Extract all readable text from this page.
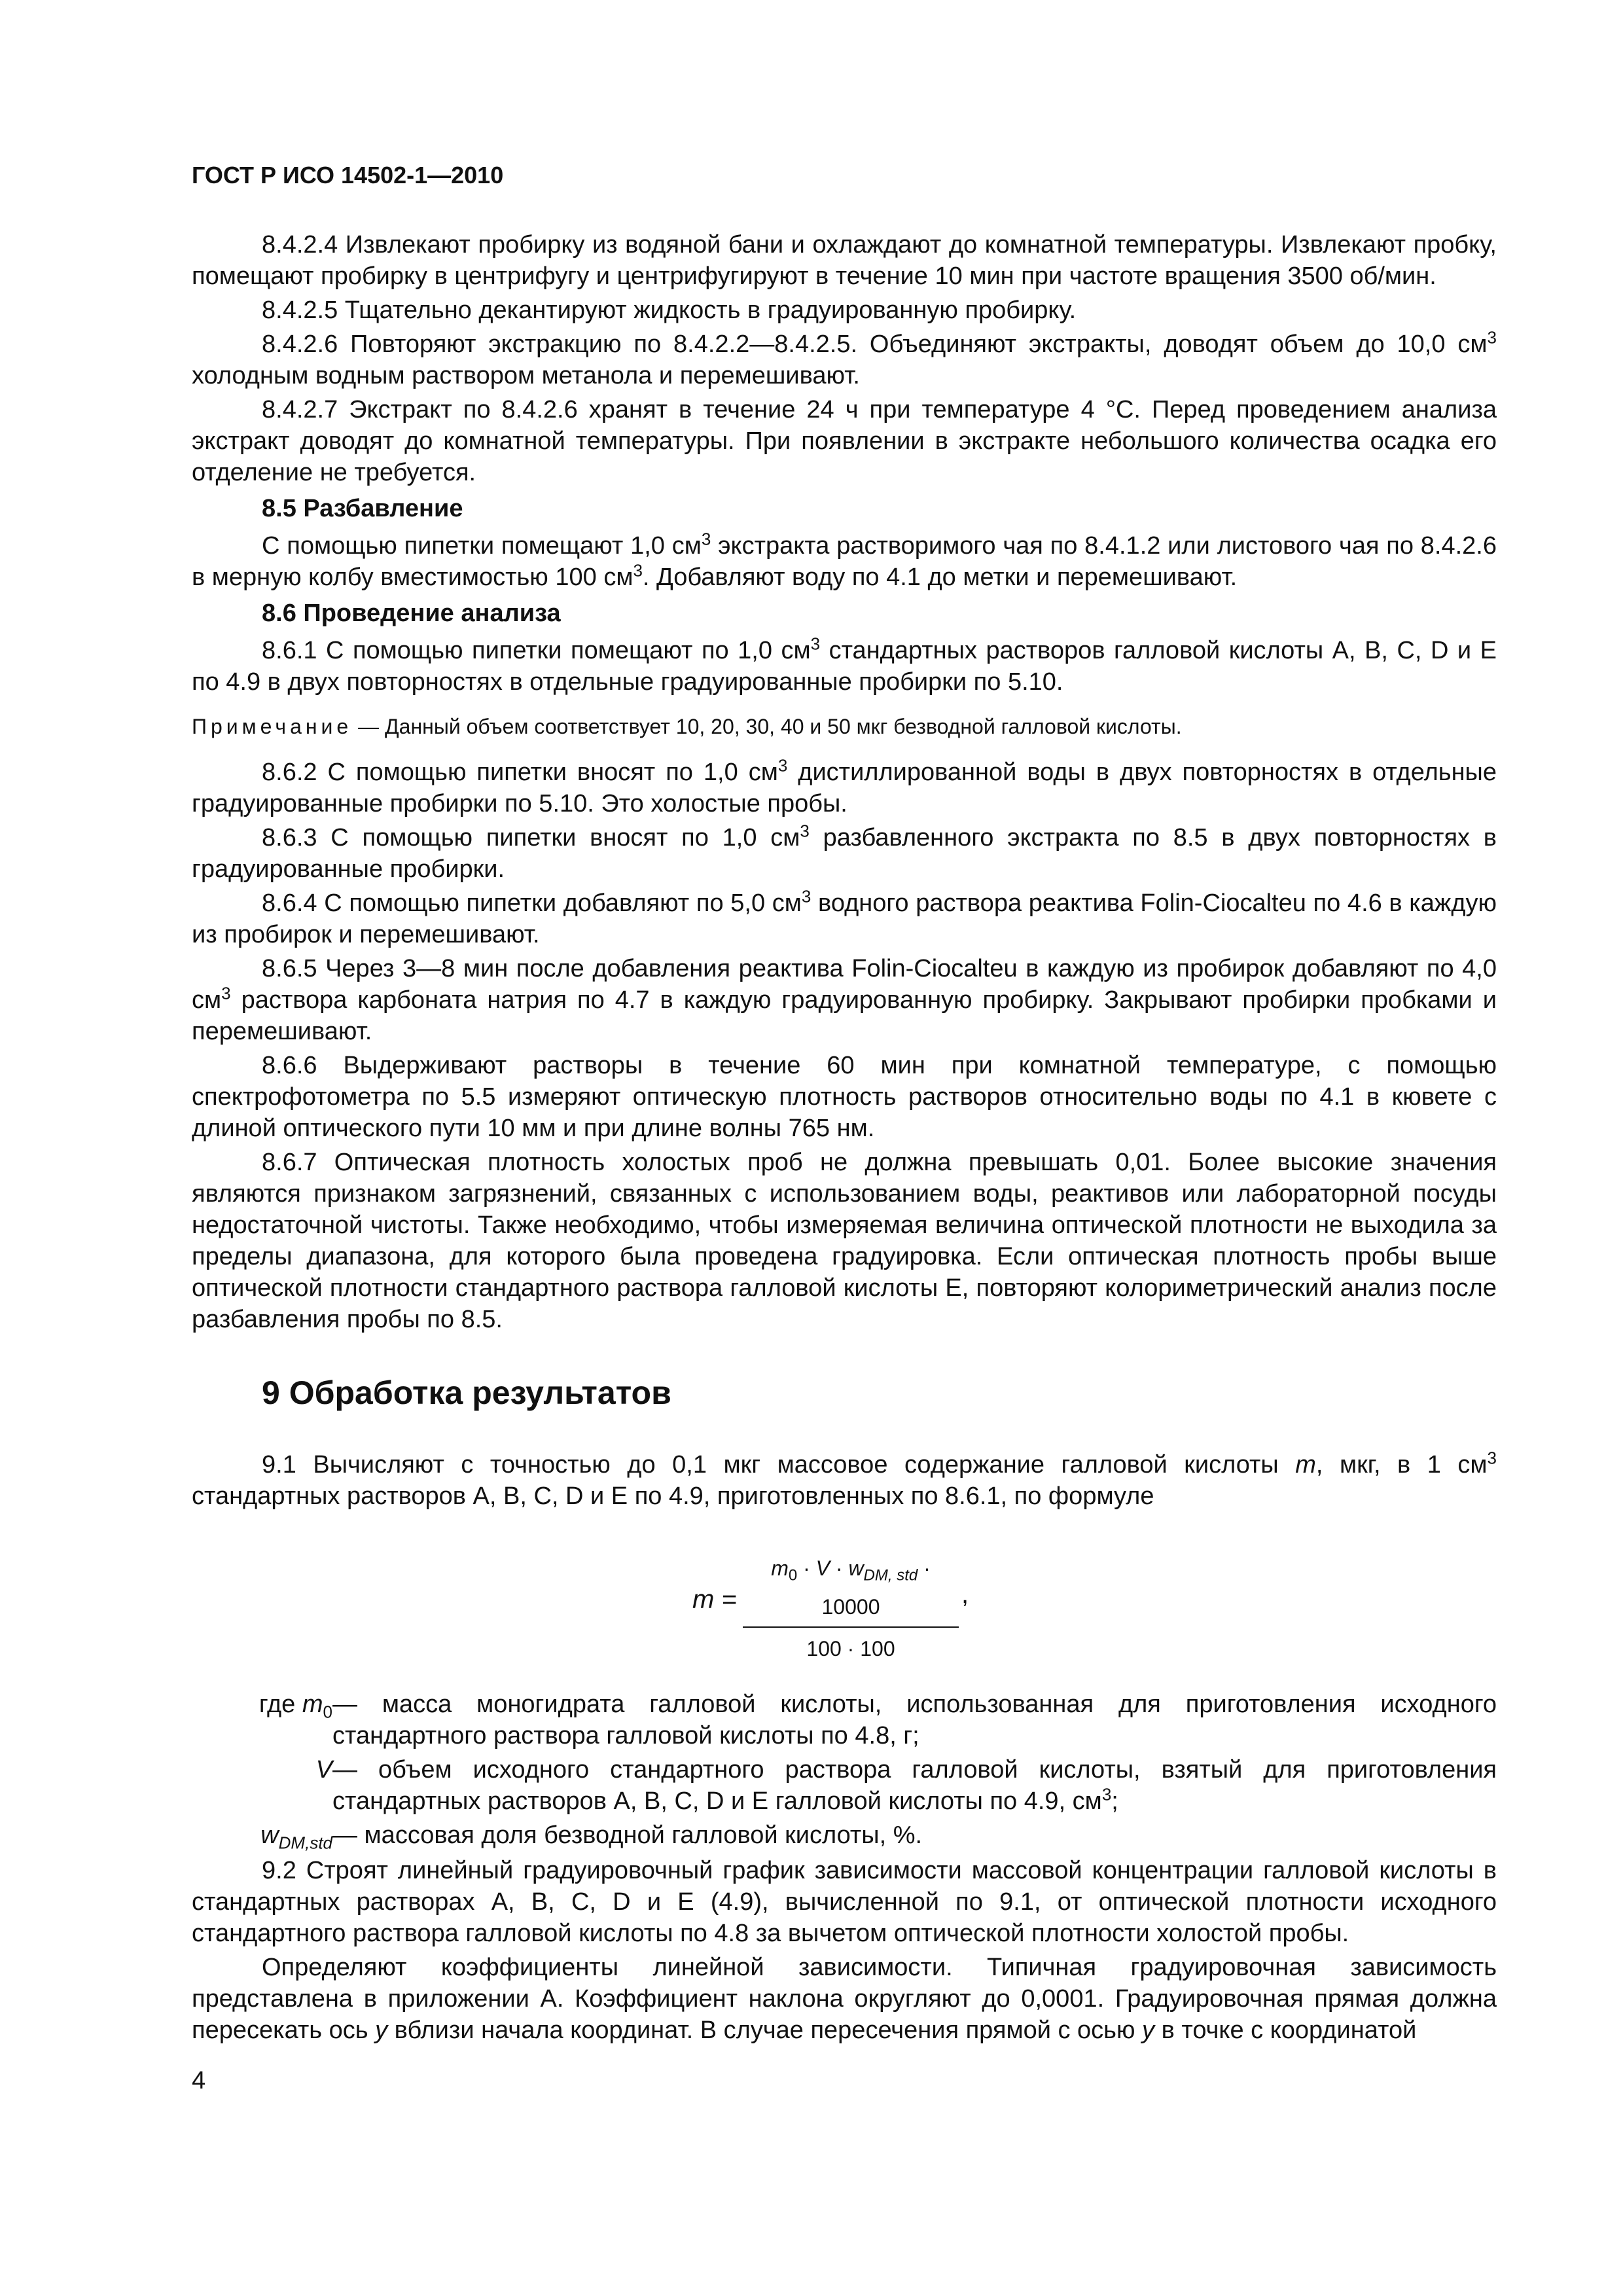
ГОСТ Р ИСО 14502-1—2010

8.4.2.4 Извлекают пробирку из водяной бани и охлаждают до комнатной температуры. Извлекают пробку, помещают пробирку в центрифугу и центрифугируют в течение 10 мин при частоте вращения 3500 об/мин.

8.4.2.5 Тщательно декантируют жидкость в градуированную пробирку.

8.4.2.6 Повторяют экстракцию по 8.4.2.2—8.4.2.5. Объединяют экстракты, доводят объем до 10,0 $см^3$ холодным водным раствором метанола и перемешивают.

8.4.2.7 Экстракт по 8.4.2.6 хранят в течение 24 ч при температуре 4 °С. Перед проведением анализа экстракт доводят до комнатной температуры. При появлении в экстракте небольшого количества осадка его отделение не требуется.

8.5 Разбавление

С помощью пипетки помещают 1,0 $см^3$ экстракта растворимого чая по 8.4.1.2 или листового чая по 8.4.2.6 в мерную колбу вместимостью 100 $см^3$. Добавляют воду по 4.1 до метки и перемешивают.

8.6 Проведение анализа

8.6.1 С помощью пипетки помещают по 1,0 $см^3$ стандартных растворов галловой кислоты А, В, С, D и Е по 4.9 в двух повторностях в отдельные градуированные пробирки по 5.10.

Примечание — Данный объем соответствует 10, 20, 30, 40 и 50 мкг безводной галловой кислоты.

8.6.2 С помощью пипетки вносят по 1,0 $см^3$ дистиллированной воды в двух повторностях в отдельные градуированные пробирки по 5.10. Это холостые пробы.

8.6.3 С помощью пипетки вносят по 1,0 $см^3$ разбавленного экстракта по 8.5 в двух повторностях в градуированные пробирки.

8.6.4 С помощью пипетки добавляют по 5,0 $см^3$ водного раствора реактива Folin-Ciocalteu по 4.6 в каждую из пробирок и перемешивают.

8.6.5 Через 3—8 мин после добавления реактива Folin-Ciocalteu в каждую из пробирок добавляют по 4,0 $см^3$ раствора карбоната натрия по 4.7 в каждую градуированную пробирку. Закрывают пробирки пробками и перемешивают.

8.6.6 Выдерживают растворы в течение 60 мин при комнатной температуре, с помощью спектрофотометра по 5.5 измеряют оптическую плотность растворов относительно воды по 4.1 в кювете с длиной оптического пути 10 мм и при длине волны 765 нм.

8.6.7 Оптическая плотность холостых проб не должна превышать 0,01. Более высокие значения являются признаком загрязнений, связанных с использованием воды, реактивов или лабораторной посуды недостаточной чистоты. Также необходимо, чтобы измеряемая величина оптической плотности не выходила за пределы диапазона, для которого была проведена градуировка. Если оптическая плотность пробы выше оптической плотности стандартного раствора галловой кислоты Е, повторяют колориметрический анализ после разбавления пробы по 8.5.

9 Обработка результатов

9.1 Вычисляют с точностью до 0,1 мкг массовое содержание галловой кислоты m, мкг, в 1 $см^3$ стандартных растворов А, В, С, D и Е по 4.9, приготовленных по 8.6.1, по формуле

m =
$m_0 \cdot V \cdot w_{DM, std} \cdot 10000$
100 · 100
,
где $m_0$ — масса моногидрата галловой кислоты, использованная для приготовления исходного стандартного раствора галловой кислоты по 4.8, г;
V — объем исходного стандартного раствора галловой кислоты, взятый для приготовления стандартных растворов А, В, С, D и Е галловой кислоты по 4.9, $см^3$;
$w_{DM,std}$ — массовая доля безводной галловой кислоты, %.

9.2 Строят линейный градуировочный график зависимости массовой концентрации галловой кислоты в стандартных растворах А, В, С, D и Е (4.9), вычисленной по 9.1, от оптической плотности исходного стандартного раствора галловой кислоты по 4.8 за вычетом оптической плотности холостой пробы.

Определяют коэффициенты линейной зависимости. Типичная градуировочная зависимость представлена в приложении А. Коэффициент наклона округляют до 0,0001. Градуировочная прямая должна пересекать ось y вблизи начала координат. В случае пересечения прямой с осью y в точке с координатой

4
